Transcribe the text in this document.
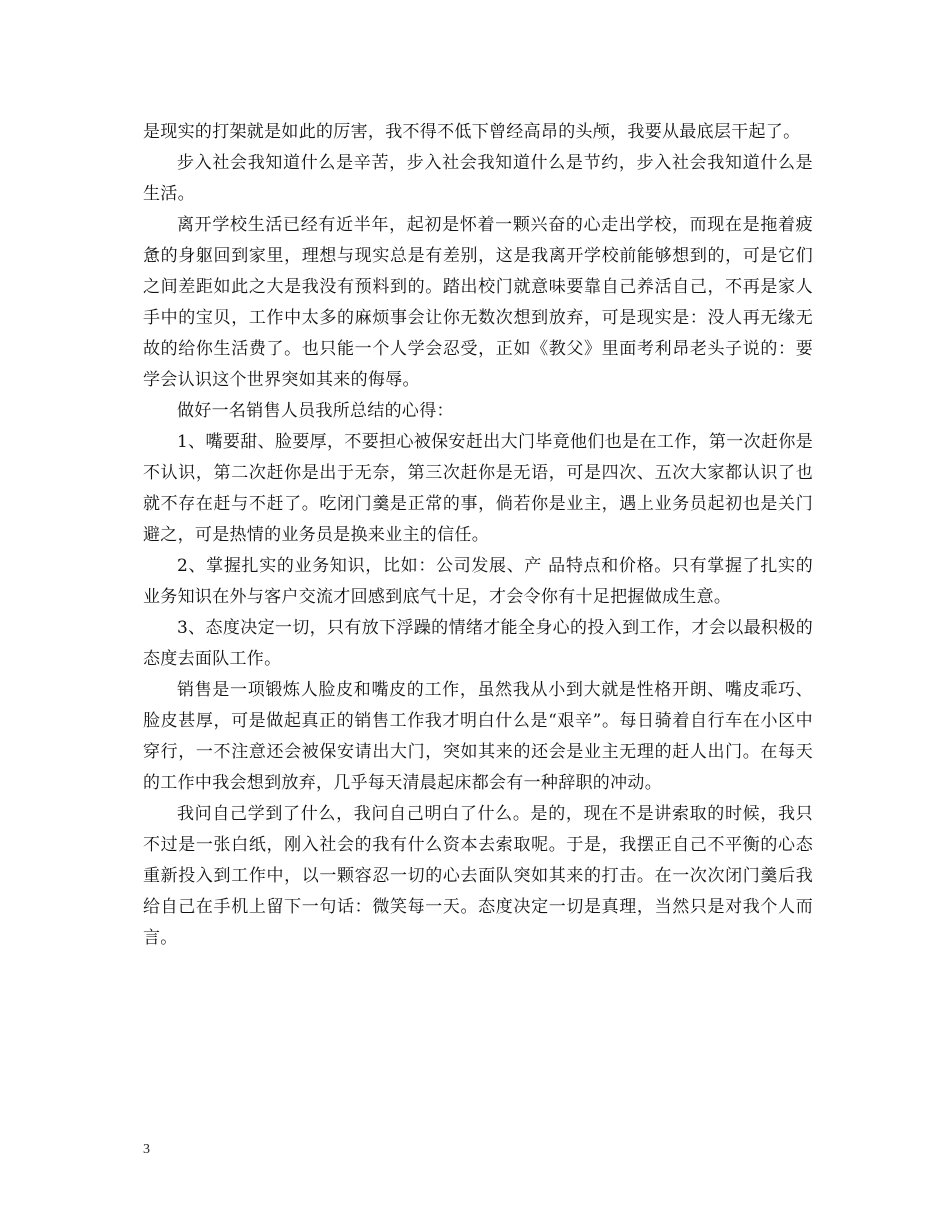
是现实的打架就是如此的厉害，我不得不低下曾经高昂的头颅，我要从最底层干起了。

步入社会我知道什么是辛苦，步入社会我知道什么是节约，步入社会我知道什么是生活。

离开学校生活已经有近半年，起初是怀着一颗兴奋的心走出学校，而现在是拖着疲惫的身躯回到家里，理想与现实总是有差别，这是我离开学校前能够想到的，可是它们之间差距如此之大是我没有预料到的。踏出校门就意味要靠自己养活自己，不再是家人手中的宝贝，工作中太多的麻烦事会让你无数次想到放弃，可是现实是：没人再无缘无故的给你生活费了。也只能一个人学会忍受，正如《教父》里面考利昂老头子说的：要学会认识这个世界突如其来的侮辱。

做好一名销售人员我所总结的心得：

1、嘴要甜、脸要厚，不要担心被保安赶出大门毕竟他们也是在工作，第一次赶你是不认识，第二次赶你是出于无奈，第三次赶你是无语，可是四次、五次大家都认识了也就不存在赶与不赶了。吃闭门羹是正常的事，倘若你是业主，遇上业务员起初也是关门避之，可是热情的业务员是换来业主的信任。

2、掌握扎实的业务知识，比如：公司发展、产 品特点和价格。只有掌握了扎实的业务知识在外与客户交流才回感到底气十足，才会令你有十足把握做成生意。

3、态度决定一切，只有放下浮躁的情绪才能全身心的投入到工作，才会以最积极的态度去面队工作。

销售是一项锻炼人脸皮和嘴皮的工作，虽然我从小到大就是性格开朗、嘴皮乖巧、脸皮甚厚，可是做起真正的销售工作我才明白什么是“艰辛”。每日骑着自行车在小区中穿行，一不注意还会被保安请出大门，突如其来的还会是业主无理的赶人出门。在每天的工作中我会想到放弃，几乎每天清晨起床都会有一种辞职的冲动。

我问自己学到了什么，我问自己明白了什么。是的，现在不是讲索取的时候，我只不过是一张白纸，刚入社会的我有什么资本去索取呢。于是，我摆正自己不平衡的心态重新投入到工作中，以一颗容忍一切的心去面队突如其来的打击。在一次次闭门羹后我给自己在手机上留下一句话：微笑每一天。态度决定一切是真理，当然只是对我个人而言。

3
